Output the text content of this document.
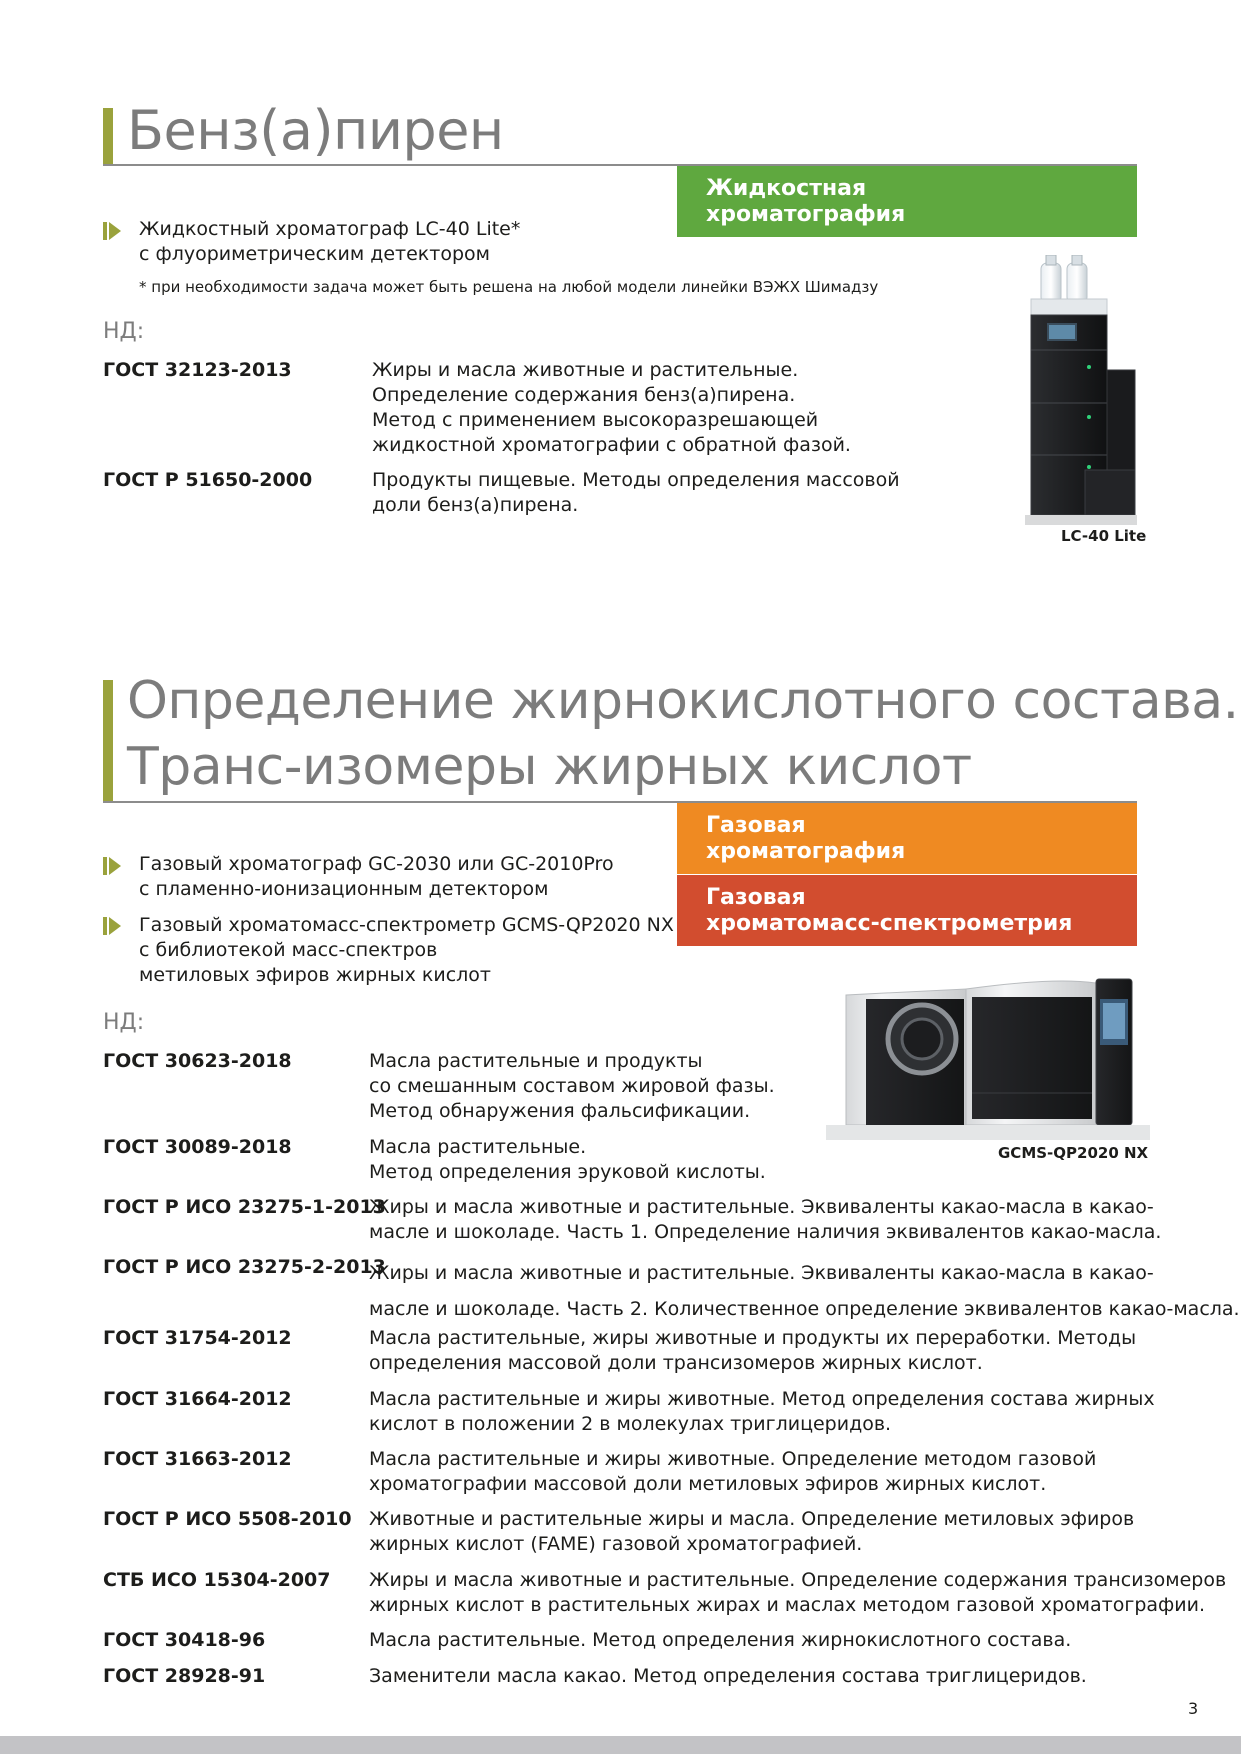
Бенз(а)пирен
Жидкостная
хроматография
Жидкостный хроматограф LC-40 Lite*
с флуориметрическим детектором
* при необходимости задача может быть решена на любой модели линейки ВЭЖХ Шимадзу
НД:
ГОСТ 32123-2013	Жиры и масла животные и растительные.
Определение содержания бенз(а)пирена.
Метод с применением высокоразрешающей
жидкостной хроматографии с обратной фазой.
ГОСТ Р 51650-2000	Продукты пищевые. Методы определения массовой
доли бенз(а)пирена.
LC-40 Lite
Определение жирнокислотного состава.
Транс-изомеры жирных кислот
Газовая
хроматография
Газовая
хроматомасс-спектрометрия
Газовый хроматограф GC-2030 или GC-2010Pro
с пламенно-ионизационным детектором
Газовый хроматомасс-спектрометр GCMS-QP2020 NX
с библиотекой масс-спектров
метиловых эфиров жирных кислот
НД:
GCMS-QP2020 NX
ГОСТ 30623-2018	Масла растительные и продукты
со смешанным составом жировой фазы.
Метод обнаружения фальсификации.
ГОСТ 30089-2018	Масла растительные.
Метод определения эруковой кислоты.
ГОСТ Р ИСО 23275-1-2013
Жиры и масла животные и растительные. Эквиваленты какао-масла в какао-
масле и шоколаде. Часть 1. Определение наличия эквивалентов какао-масла.
ГОСТ Р ИСО 23275-2-2013
Жиры и масла животные и растительные. Эквиваленты какао-масла в какао-
масле и шоколаде. Часть 2. Количественное определение эквивалентов какао-масла.
ГОСТ 31754-2012	Масла растительные, жиры животные и продукты их переработки. Методы
определения массовой доли трансизомеров жирных кислот.
ГОСТ 31664-2012	Масла растительные и жиры животные. Метод определения состава жирных
кислот в положении 2 в молекулах триглицеридов.
ГОСТ 31663-2012	Масла растительные и жиры животные. Определение методом газовой
хроматографии массовой доли метиловых эфиров жирных кислот.
ГОСТ Р ИСО 5508-2010 Животные и растительные жиры и масла. Определение метиловых эфиров
жирных кислот (FAME) газовой хроматографией.
СТБ ИСО 15304-2007 Жиры и масла животные и растительные. Определение содержания трансизомеров
жирных кислот в растительных жирах и маслах методом газовой хроматографии.
ГОСТ 30418-96	Масла растительные. Метод определения жирнокислотного состава.
ГОСТ 28928-91	Заменители масла какао. Метод определения состава триглицеридов.
3
